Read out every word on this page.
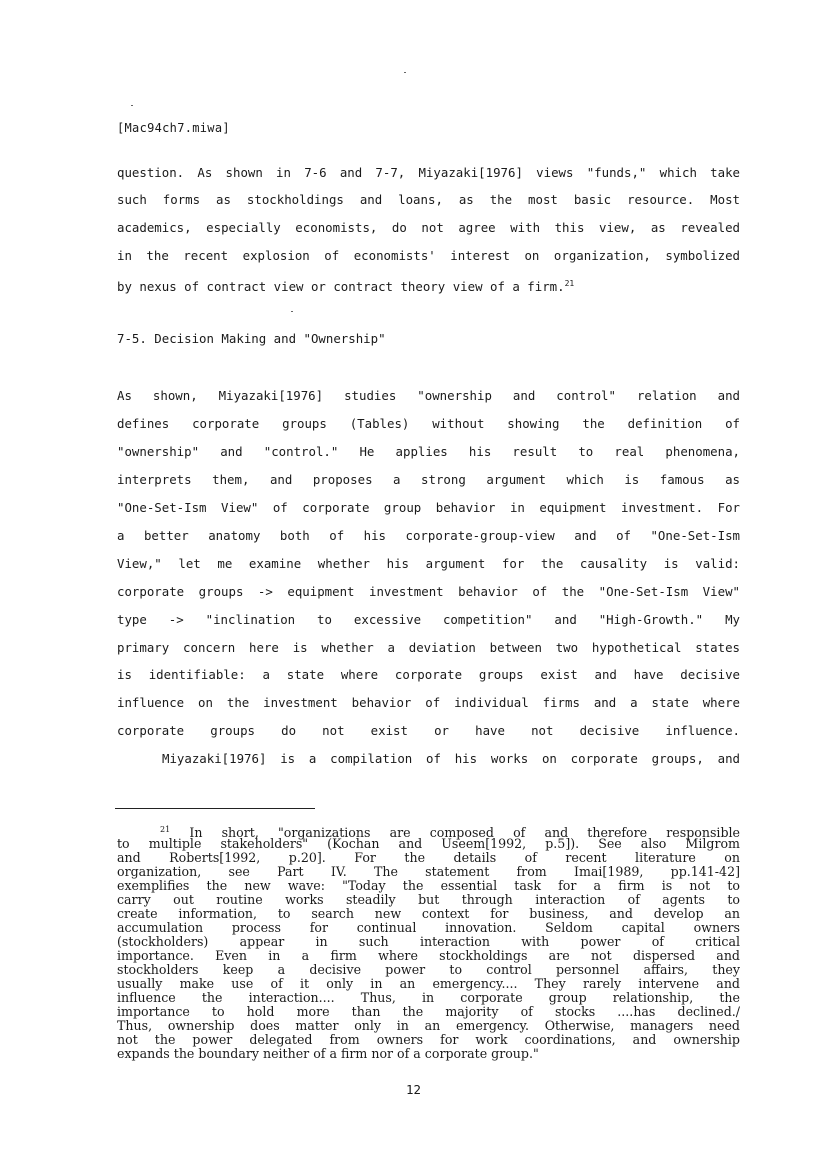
[Mac94ch7.miwa]
question. As shown in 7-6 and 7-7, Miyazaki[1976] views "funds," which take
such forms as stockholdings and loans, as the most basic resource. Most
academics, especially economists, do not agree with this view, as revealed
in the recent explosion of economists' interest on organization, symbolized
by nexus of contract view or contract theory view of a firm.$^{21}$
7-5. Decision Making and "Ownership"
As shown, Miyazaki[1976] studies "ownership and control" relation and
defines corporate groups (Tables) without showing the definition of
"ownership" and "control." He applies his result to real phenomena,
interprets them, and proposes a strong argument which is famous as
"One-Set-Ism View" of corporate group behavior in equipment investment. For
a better anatomy both of his corporate-group-view and of "One-Set-Ism
View," let me examine whether his argument for the causality is valid:
corporate groups -> equipment investment behavior of the "One-Set-Ism View"
type -> "inclination to excessive competition" and "High-Growth." My
primary concern here is whether a deviation between two hypothetical states
is identifiable: a state where corporate groups exist and have decisive
influence on the investment behavior of individual firms and a state where
corporate groups do not exist or have not decisive influence.
Miyazaki[1976] is a compilation of his works on corporate groups, and
$^{21}$ In short, "organizations are composed of and therefore responsible
to multiple stakeholders" (Kochan and Useem[1992, p.5]). See also Milgrom
and Roberts[1992, p.20]. For the details of recent literature on
organization, see Part IV. The statement from Imai[1989, pp.141-42]
exemplifies the new wave: "Today the essential task for a firm is not to
carry out routine works steadily but through interaction of agents to
create information, to search new context for business, and develop an
accumulation process for continual innovation. Seldom capital owners
(stockholders) appear in such interaction with power of critical
importance. Even in a firm where stockholdings are not dispersed and
stockholders keep a decisive power to control personnel affairs, they
usually make use of it only in an emergency.... They rarely intervene and
influence the interaction.... Thus, in corporate group relationship, the
importance to hold more than the majority of stocks ....has declined./
Thus, ownership does matter only in an emergency. Otherwise, managers need
not the power delegated from owners for work coordinations, and ownership
expands the boundary neither of a firm nor of a corporate group."
12
